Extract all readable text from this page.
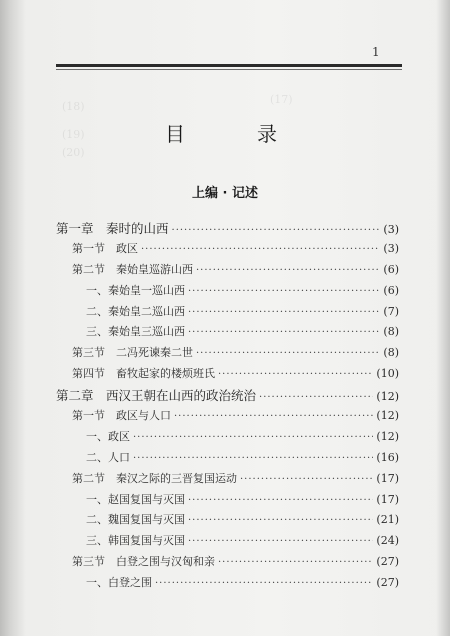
(17)
(18)
(19)
(20)
1
目　录
上编 · 记述
第一章　秦时的山西 ·····	(3)
第一节　政区 ·····	(3)
第二节　秦始皇巡游山西 ·····	(6)
一、秦始皇一巡山西 ·····	(6)
二、秦始皇二巡山西 ·····	(7)
三、秦始皇三巡山西 ·····	(8)
第三节　二冯死谏秦二世 ·····	(8)
第四节　畜牧起家的楼烦班氏 ·····	(10)
第二章　西汉王朝在山西的政治统治 ·····	(12)
第一节　政区与人口 ·····	(12)
一、政区 ·····	(12)
二、人口 ·····	(16)
第二节　秦汉之际的三晋复国运动 ·····	(17)
一、赵国复国与灭国 ·····	(17)
二、魏国复国与灭国 ·····	(21)
三、韩国复国与灭国 ·····	(24)
第三节　白登之围与汉匈和亲 ·····	(27)
一、白登之围 ·····	(27)
